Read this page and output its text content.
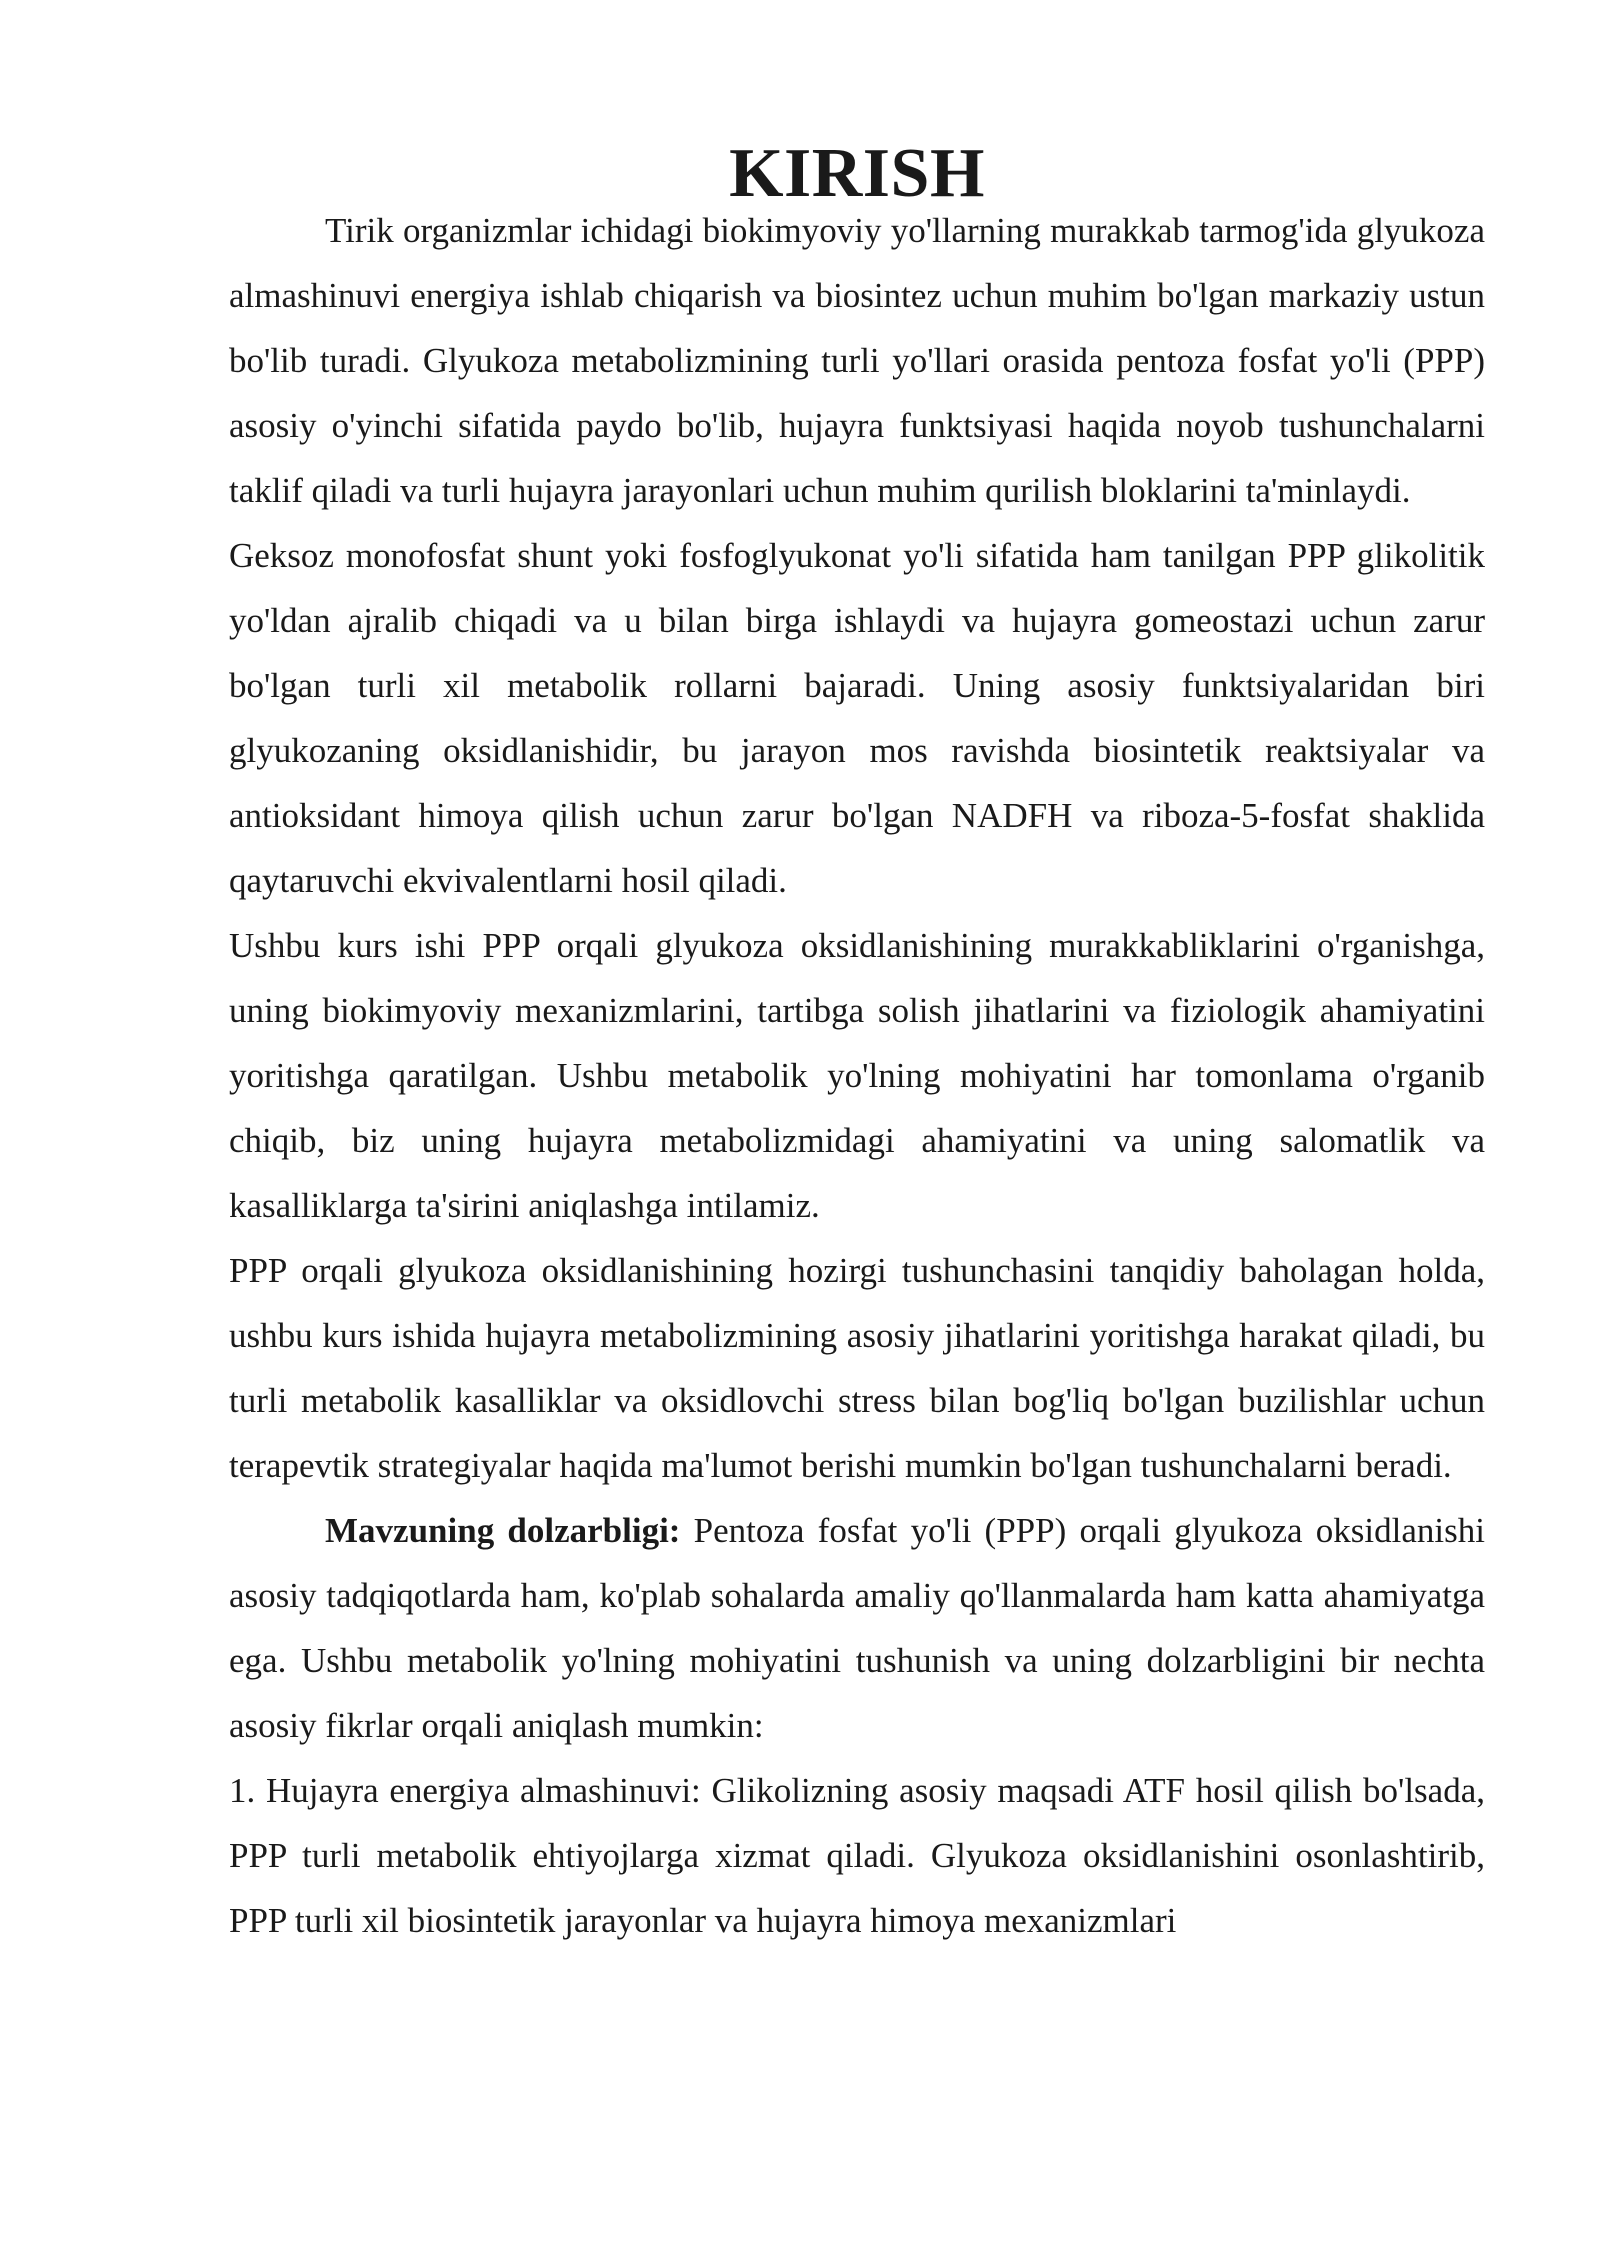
KIRISH

Tirik organizmlar ichidagi biokimyoviy yo'llarning murakkab tarmog'ida glyukoza almashinuvi energiya ishlab chiqarish va biosintez uchun muhim bo'lgan markaziy ustun bo'lib turadi. Glyukoza metabolizmining turli yo'llari orasida pentoza fosfat yo'li (PPP) asosiy o'yinchi sifatida paydo bo'lib, hujayra funktsiyasi haqida noyob tushunchalarni taklif qiladi va turli hujayra jarayonlari uchun muhim qurilish bloklarini ta'minlaydi.

Geksoz monofosfat shunt yoki fosfoglyukonat yo'li sifatida ham tanilgan PPP glikolitik yo'ldan ajralib chiqadi va u bilan birga ishlaydi va hujayra gomeostazi uchun zarur bo'lgan turli xil metabolik rollarni bajaradi. Uning asosiy funktsiyalaridan biri glyukozaning oksidlanishidir, bu jarayon mos ravishda biosintetik reaktsiyalar va antioksidant himoya qilish uchun zarur bo'lgan NADFH va riboza-5-fosfat shaklida qaytaruvchi ekvivalentlarni hosil qiladi.

Ushbu kurs ishi PPP orqali glyukoza oksidlanishining murakkabliklarini o'rganishga, uning biokimyoviy mexanizmlarini, tartibga solish jihatlarini va fiziologik ahamiyatini yoritishga qaratilgan. Ushbu metabolik yo'lning mohiyatini har tomonlama o'rganib chiqib, biz uning hujayra metabolizmidagi ahamiyatini va uning salomatlik va kasalliklarga ta'sirini aniqlashga intilamiz.

PPP orqali glyukoza oksidlanishining hozirgi tushunchasini tanqidiy baholagan holda, ushbu kurs ishida hujayra metabolizmining asosiy jihatlarini yoritishga harakat qiladi, bu turli metabolik kasalliklar va oksidlovchi stress bilan bog'liq bo'lgan buzilishlar uchun terapevtik strategiyalar haqida ma'lumot berishi mumkin bo'lgan tushunchalarni beradi.

Mavzuning dolzarbligi: Pentoza fosfat yo'li (PPP) orqali glyukoza oksidlanishi asosiy tadqiqotlarda ham, ko'plab sohalarda amaliy qo'llanmalarda ham katta ahamiyatga ega. Ushbu metabolik yo'lning mohiyatini tushunish va uning dolzarbligini bir nechta asosiy fikrlar orqali aniqlash mumkin:

1. Hujayra energiya almashinuvi: Glikolizning asosiy maqsadi ATF hosil qilish bo'lsada, PPP turli metabolik ehtiyojlarga xizmat qiladi. Glyukoza oksidlanishini osonlashtirib, PPP turli xil biosintetik jarayonlar va hujayra himoya mexanizmlari
